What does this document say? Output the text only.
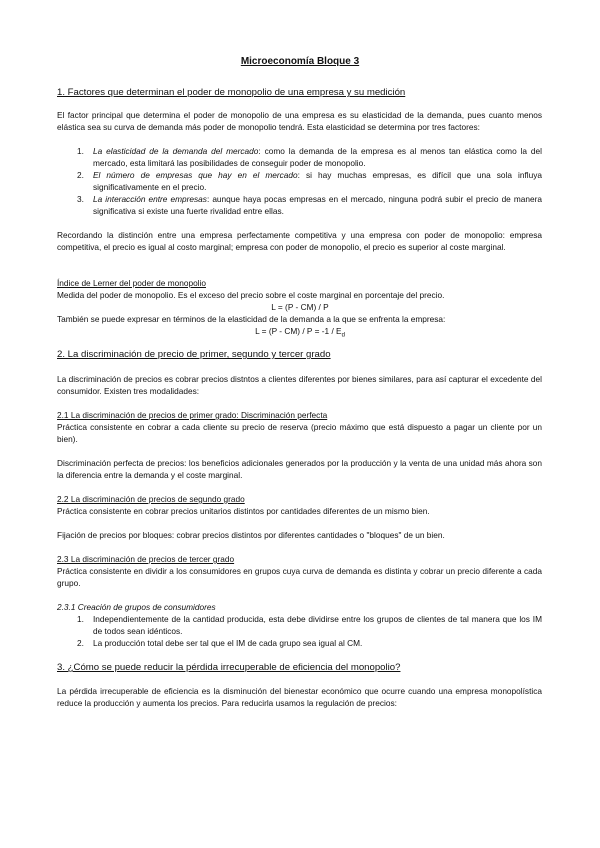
Microeconomía Bloque 3
1. Factores que determinan el poder de monopolio de una empresa y su medición
El factor principal que determina el poder de monopolio de una empresa es su elasticidad de la demanda, pues cuanto menos elástica sea su curva de demanda más poder de monopolio tendrá. Esta elasticidad se determina por tres factores:
1. La elasticidad de la demanda del mercado: como la demanda de la empresa es al menos tan elástica como la del mercado, esta limitará las posibilidades de conseguir poder de monopolio.
2. El número de empresas que hay en el mercado: si hay muchas empresas, es difícil que una sola influya significativamente en el precio.
3. La interacción entre empresas: aunque haya pocas empresas en el mercado, ninguna podrá subir el precio de manera significativa si existe una fuerte rivalidad entre ellas.
Recordando la distinción entre una empresa perfectamente competitiva y una empresa con poder de monopolio: empresa competitiva, el precio es igual al costo marginal; empresa con poder de monopolio, el precio es superior al coste marginal.
Índice de Lerner del poder de monopolio
Medida del poder de monopolio. Es el exceso del precio sobre el coste marginal en porcentaje del precio.
L = (P - CM) / P
También se puede expresar en términos de la elasticidad de la demanda a la que se enfrenta la empresa:
$L = (P - CM) / P = -1 / E_d$
2. La discriminación de precio de primer, segundo y tercer grado
La discriminación de precios es cobrar precios distntos a clientes diferentes por bienes similares, para así capturar el excedente del consumidor. Existen tres modalidades:
2.1 La discriminación de precios de primer grado: Discriminación perfecta
Práctica consistente en cobrar a cada cliente su precio de reserva (precio máximo que está dispuesto a pagar un cliente por un bien).
Discriminación perfecta de precios: los beneficios adicionales generados por la producción y la venta de una unidad más ahora son la diferencia entre la demanda y el coste marginal.
2.2 La discriminación de precios de segundo grado
Práctica consistente en cobrar precios unitarios distintos por cantidades diferentes de un mismo bien.
Fijación de precios por bloques: cobrar precios distintos por diferentes cantidades o "bloques" de un bien.
2.3 La discriminación de precios de tercer grado
Práctica consistente en dividir a los consumidores en grupos cuya curva de demanda es distinta y cobrar un precio diferente a cada grupo.
2.3.1 Creación de grupos de consumidores
1. Independientemente de la cantidad producida, esta debe dividirse entre los grupos de clientes de tal manera que los IM de todos sean idénticos.
2. La producción total debe ser tal que el IM de cada grupo sea igual al CM.
3. ¿Cómo se puede reducir la pérdida irrecuperable de eficiencia del monopolio?
La pérdida irrecuperable de eficiencia es la disminución del bienestar económico que ocurre cuando una empresa monopolística reduce la producción y aumenta los precios. Para reducirla usamos la regulación de precios:
